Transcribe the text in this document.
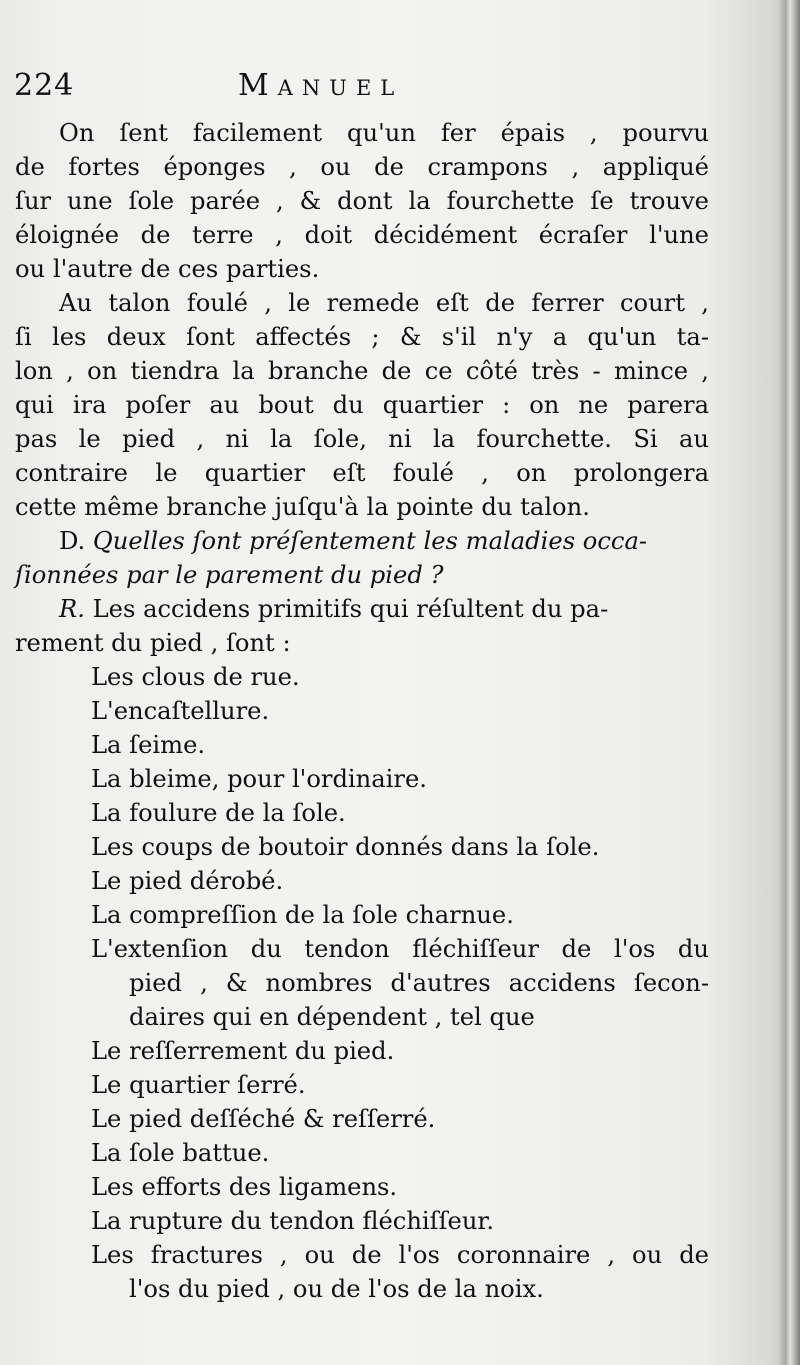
224	Manuel
On ſent facilement qu'un fer épais , pourvu
de fortes éponges , ou de crampons , appliqué
ſur une ſole parée , & dont la fourchette ſe trouve
éloignée de terre , doit décidément écraſer l'une
ou l'autre de ces parties.
Au talon foulé , le remede eſt de ferrer court ,
ſi les deux ſont affectés ; & s'il n'y a qu'un ta-
lon , on tiendra la branche de ce côté très - mince ,
qui ira poſer au bout du quartier : on ne parera
pas le pied , ni la ſole, ni la fourchette. Si au
contraire le quartier eſt foulé , on prolongera
cette même branche juſqu'à la pointe du talon.
D. Quelles ſont préſentement les maladies occa-
ſionnées par le parement du pied ?
R. Les accidens primitifs qui réſultent du pa-
rement du pied , ſont :
Les clous de rue.
L'encaſtellure.
La ſeime.
La bleime, pour l'ordinaire.
La foulure de la ſole.
Les coups de boutoir donnés dans la ſole.
Le pied dérobé.
La compreſſion de la ſole charnue.
L'extenſion du tendon fléchiſſeur de l'os du
pied , & nombres d'autres accidens ſecon-
daires qui en dépendent , tel que
Le reſſerrement du pied.
Le quartier ſerré.
Le pied deſſéché & reſſerré.
La ſole battue.
Les efforts des ligamens.
La rupture du tendon fléchiſſeur.
Les fractures , ou de l'os coronnaire , ou de
l'os du pied , ou de l'os de la noix.
